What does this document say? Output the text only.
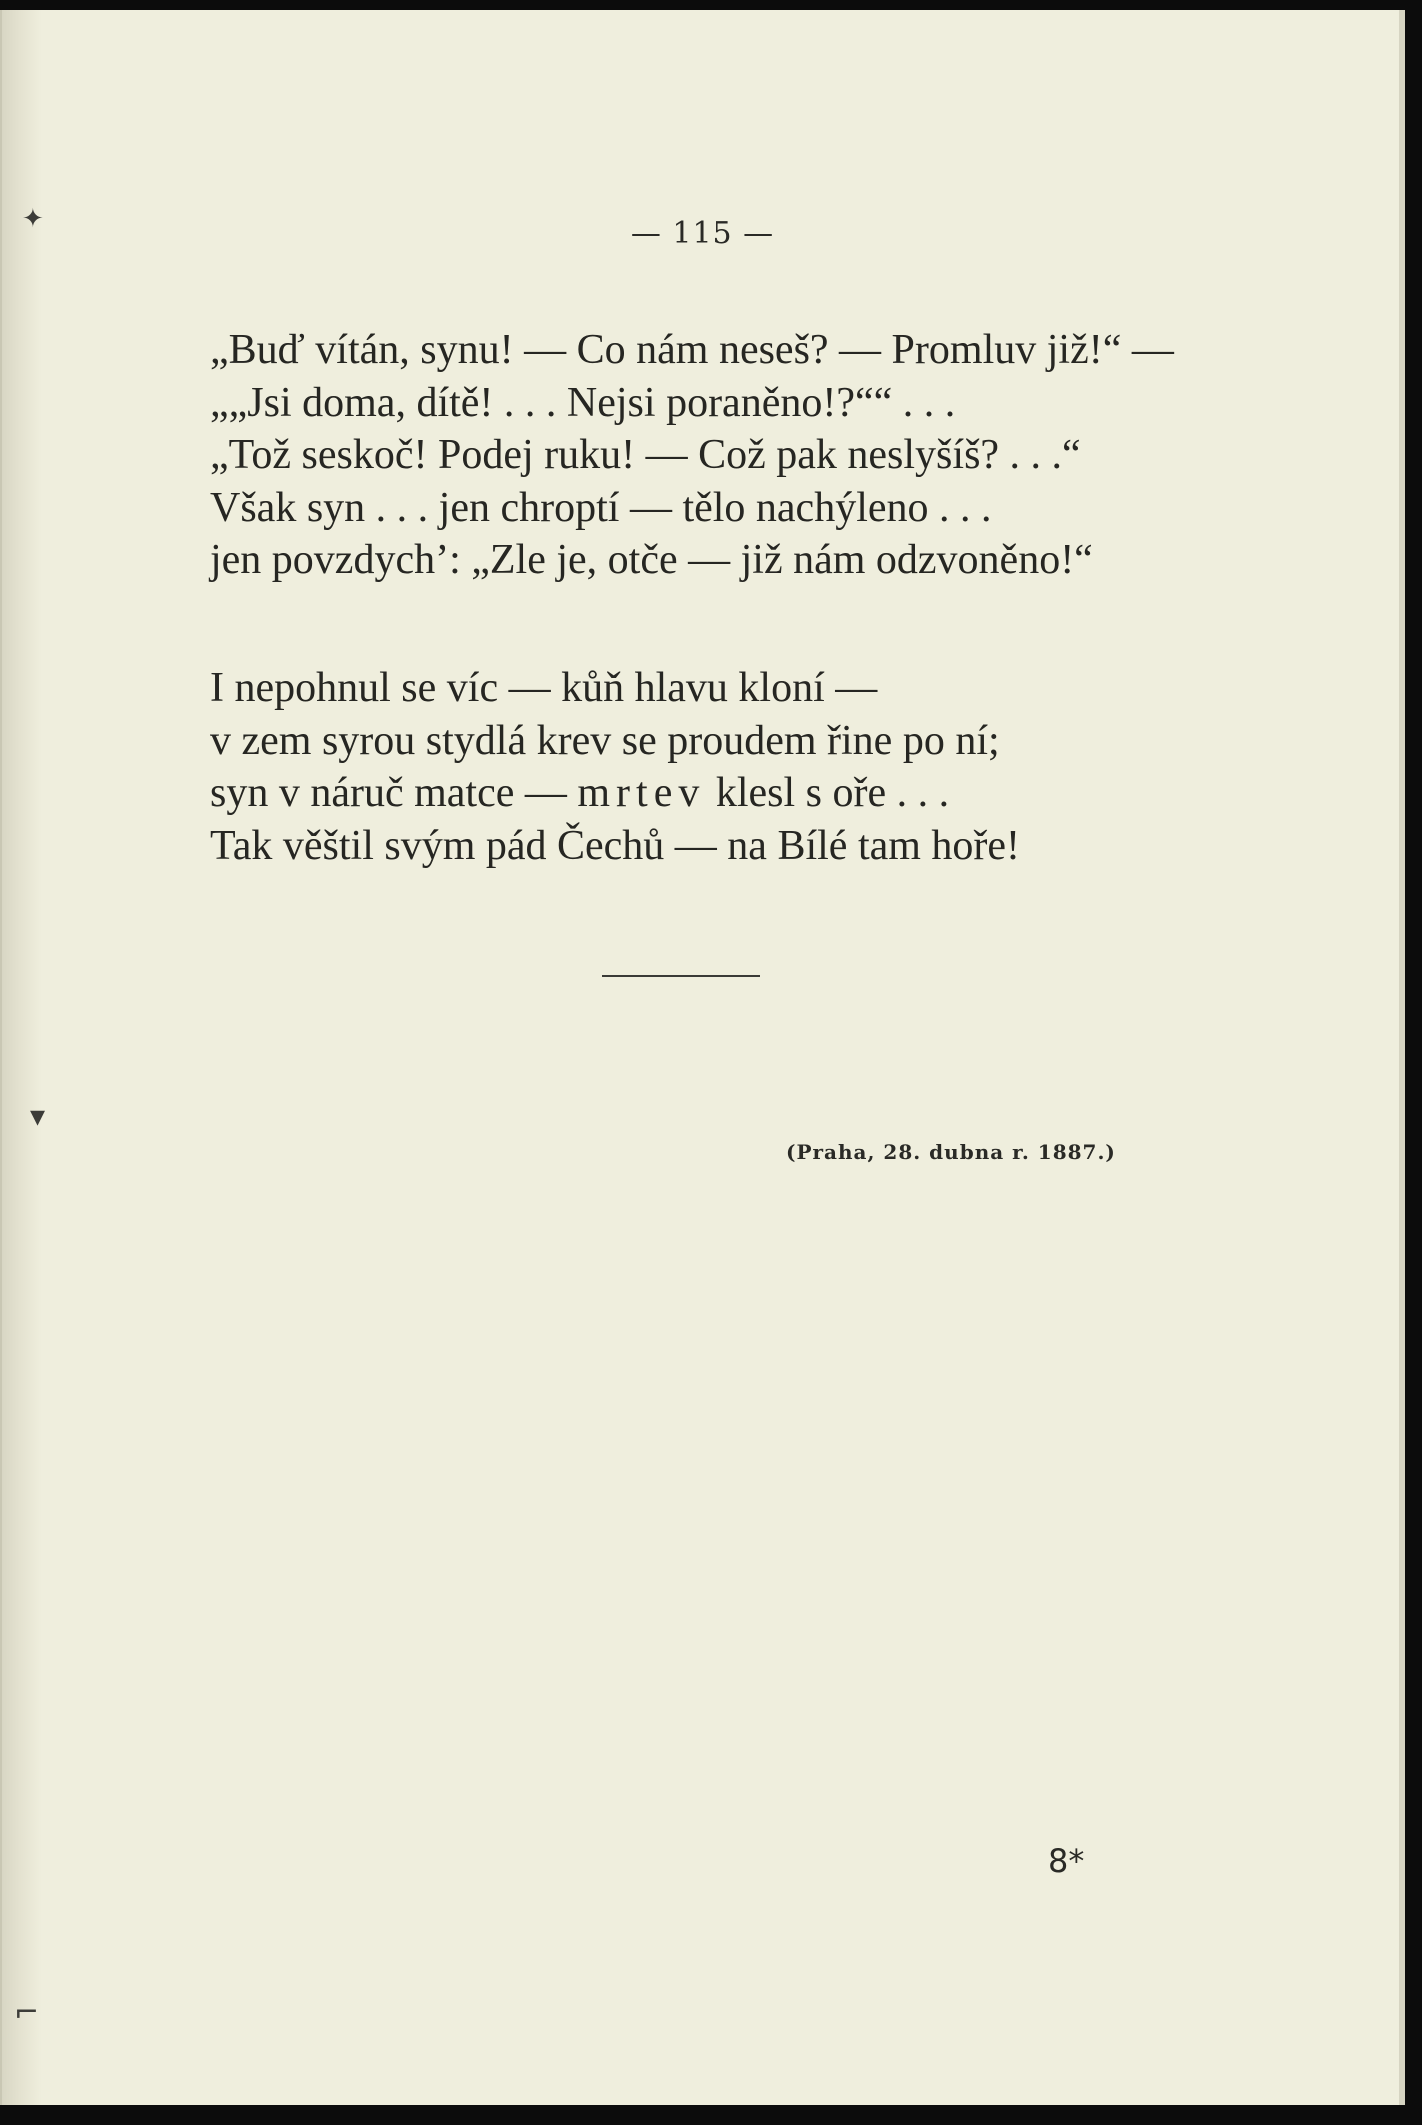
✦
▾
⌐
— 115 —
„Buď vítán, synu! — Co nám neseš? — Promluv již!“ —
„„Jsi doma, dítě! . . . Nejsi poraněno!?““ . . .
„Tož seskoč! Podej ruku! — Což pak neslyšíš? . . .“
Však syn . . . jen chroptí — tělo nachýleno . . .
jen povzdych’: „Zle je, otče — již nám odzvoněno!“
I nepohnul se víc — kůň hlavu kloní —
v zem syrou stydlá krev se proudem řine po ní;
syn v náruč matce — mrtev klesl s oře . . .
Tak věštil svým pád Čechů — na Bílé tam hoře!
(Praha, 28. dubna r. 1887.)
8*
